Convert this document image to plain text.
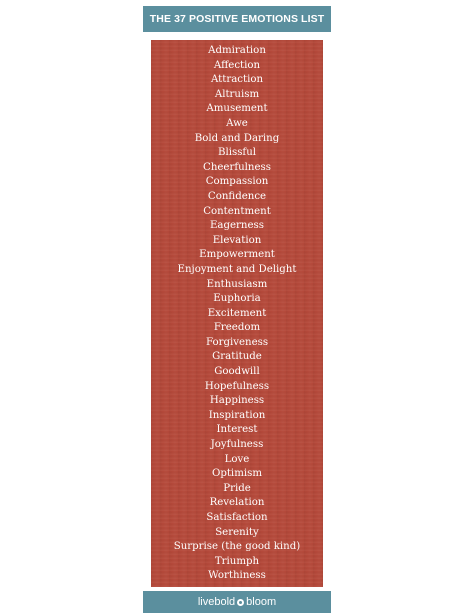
THE 37 POSITIVE EMOTIONS LIST
Admiration
Affection
Attraction
Altruism
Amusement
Awe
Bold and Daring
Blissful
Cheerfulness
Compassion
Confidence
Contentment
Eagerness
Elevation
Empowerment
Enjoyment and Delight
Enthusiasm
Euphoria
Excitement
Freedom
Forgiveness
Gratitude
Goodwill
Hopefulness
Happiness
Inspiration
Interest
Joyfulness
Love
Optimism
Pride
Revelation
Satisfaction
Serenity
Surprise (the good kind)
Triumph
Worthiness
live bold bloom
